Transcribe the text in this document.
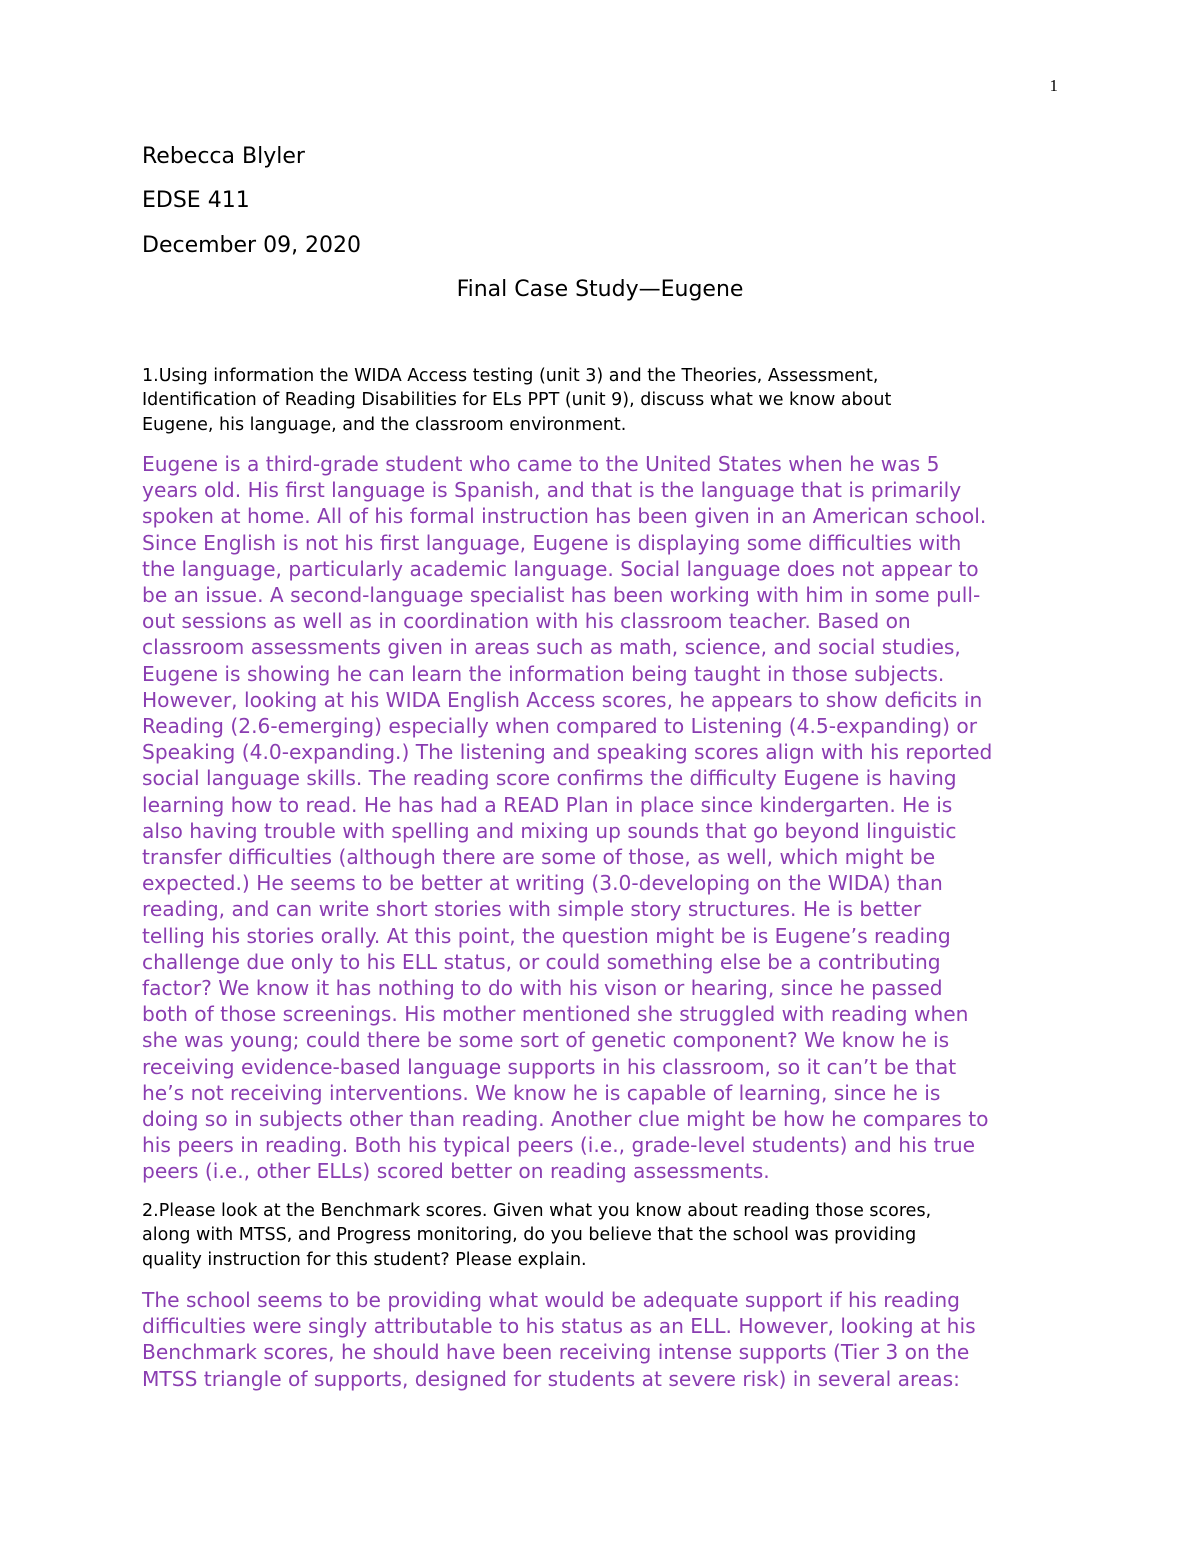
1
Rebecca Blyler
EDSE 411
December 09, 2020
Final Case Study—Eugene
1.Using information the WIDA Access testing (unit 3) and the Theories, Assessment,
Identification of Reading Disabilities for ELs PPT (unit 9), discuss what we know about
Eugene, his language, and the classroom environment.
Eugene is a third-grade student who came to the United States when he was 5
years old. His first language is Spanish, and that is the language that is primarily
spoken at home. All of his formal instruction has been given in an American school.
Since English is not his first language, Eugene is displaying some difficulties with
the language, particularly academic language. Social language does not appear to
be an issue. A second-language specialist has been working with him in some pull-
out sessions as well as in coordination with his classroom teacher. Based on
classroom assessments given in areas such as math, science, and social studies,
Eugene is showing he can learn the information being taught in those subjects.
However, looking at his WIDA English Access scores, he appears to show deficits in
Reading (2.6-emerging) especially when compared to Listening (4.5-expanding) or
Speaking (4.0-expanding.) The listening and speaking scores align with his reported
social language skills. The reading score confirms the difficulty Eugene is having
learning how to read. He has had a READ Plan in place since kindergarten. He is
also having trouble with spelling and mixing up sounds that go beyond linguistic
transfer difficulties (although there are some of those, as well, which might be
expected.) He seems to be better at writing (3.0-developing on the WIDA) than
reading, and can write short stories with simple story structures. He is better
telling his stories orally. At this point, the question might be is Eugene’s reading
challenge due only to his ELL status, or could something else be a contributing
factor? We know it has nothing to do with his vison or hearing, since he passed
both of those screenings. His mother mentioned she struggled with reading when
she was young; could there be some sort of genetic component? We know he is
receiving evidence-based language supports in his classroom, so it can’t be that
he’s not receiving interventions. We know he is capable of learning, since he is
doing so in subjects other than reading. Another clue might be how he compares to
his peers in reading. Both his typical peers (i.e., grade-level students) and his true
peers (i.e., other ELLs) scored better on reading assessments.
2.Please look at the Benchmark scores. Given what you know about reading those scores,
along with MTSS, and Progress monitoring, do you believe that the school was providing
quality instruction for this student? Please explain.
The school seems to be providing what would be adequate support if his reading
difficulties were singly attributable to his status as an ELL. However, looking at his
Benchmark scores, he should have been receiving intense supports (Tier 3 on the
MTSS triangle of supports, designed for students at severe risk) in several areas:
